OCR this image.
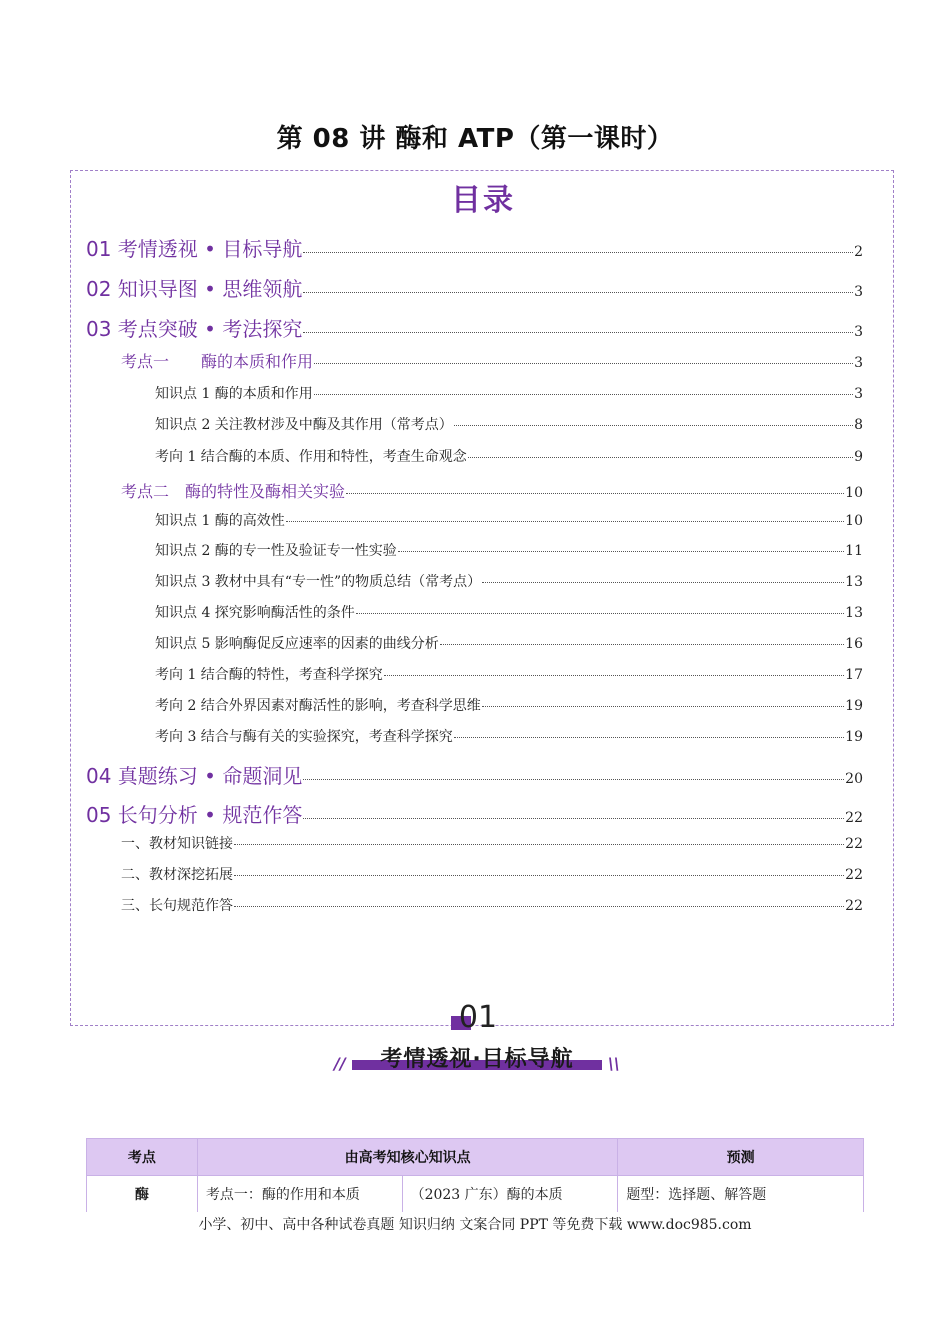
第 08 讲 酶和 ATP（第一课时）
目录
01 考情透视 • 目标导航	2
02 知识导图 • 思维领航	3
03 考点突破 • 考法探究	3
考点一　　酶的本质和作用	3
知识点 1 酶的本质和作用	3
知识点 2 关注教材涉及中酶及其作用（常考点）	8
考向 1 结合酶的本质、作用和特性，考查生命观念	9
考点二　酶的特性及酶相关实验	10
知识点 1 酶的高效性	10
知识点 2 酶的专一性及验证专一性实验	11
知识点 3 教材中具有“专一性”的物质总结（常考点）	13
知识点 4 探究影响酶活性的条件	13
知识点 5 影响酶促反应速率的因素的曲线分析	16
考向 1 结合酶的特性，考查科学探究	17
考向 2 结合外界因素对酶活性的影响，考查科学思维	19
考向 3 结合与酶有关的实验探究，考查科学探究	19
04 真题练习 • 命题洞见	20
05 长句分析 • 规范作答	22
一、教材知识链接	22
二、教材深挖拓展	22
三、长句规范作答	22
01
//	考情透视·目标导航	\\
考点	由高考知核心知识点		预测
酶	考点一：酶的作用和本质	（2023 广东）酶的本质	题型：选择题、解答题
小学、初中、高中各种试卷真题 知识归纳 文案合同 PPT 等免费下载 www.doc985.com
